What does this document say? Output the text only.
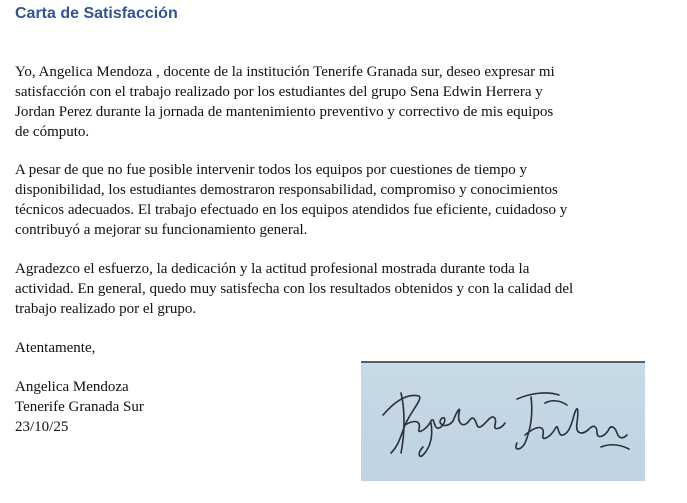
Carta de Satisfacción

Yo, Angelica Mendoza , docente de la institución Tenerife Granada sur, deseo expresar mi
satisfacción con el trabajo realizado por los estudiantes del grupo Sena Edwin Herrera y
Jordan Perez durante la jornada de mantenimiento preventivo y correctivo de mis equipos
de cómputo.

A pesar de que no fue posible intervenir todos los equipos por cuestiones de tiempo y
disponibilidad, los estudiantes demostraron responsabilidad, compromiso y conocimientos
técnicos adecuados. El trabajo efectuado en los equipos atendidos fue eficiente, cuidadoso y
contribuyó a mejorar su funcionamiento general.

Agradezco el esfuerzo, la dedicación y la actitud profesional mostrada durante toda la
actividad. En general, quedo muy satisfecha con los resultados obtenidos y con la calidad del
trabajo realizado por el grupo.

Atentamente,

Angelica Mendoza
Tenerife Granada Sur
23/10/25
